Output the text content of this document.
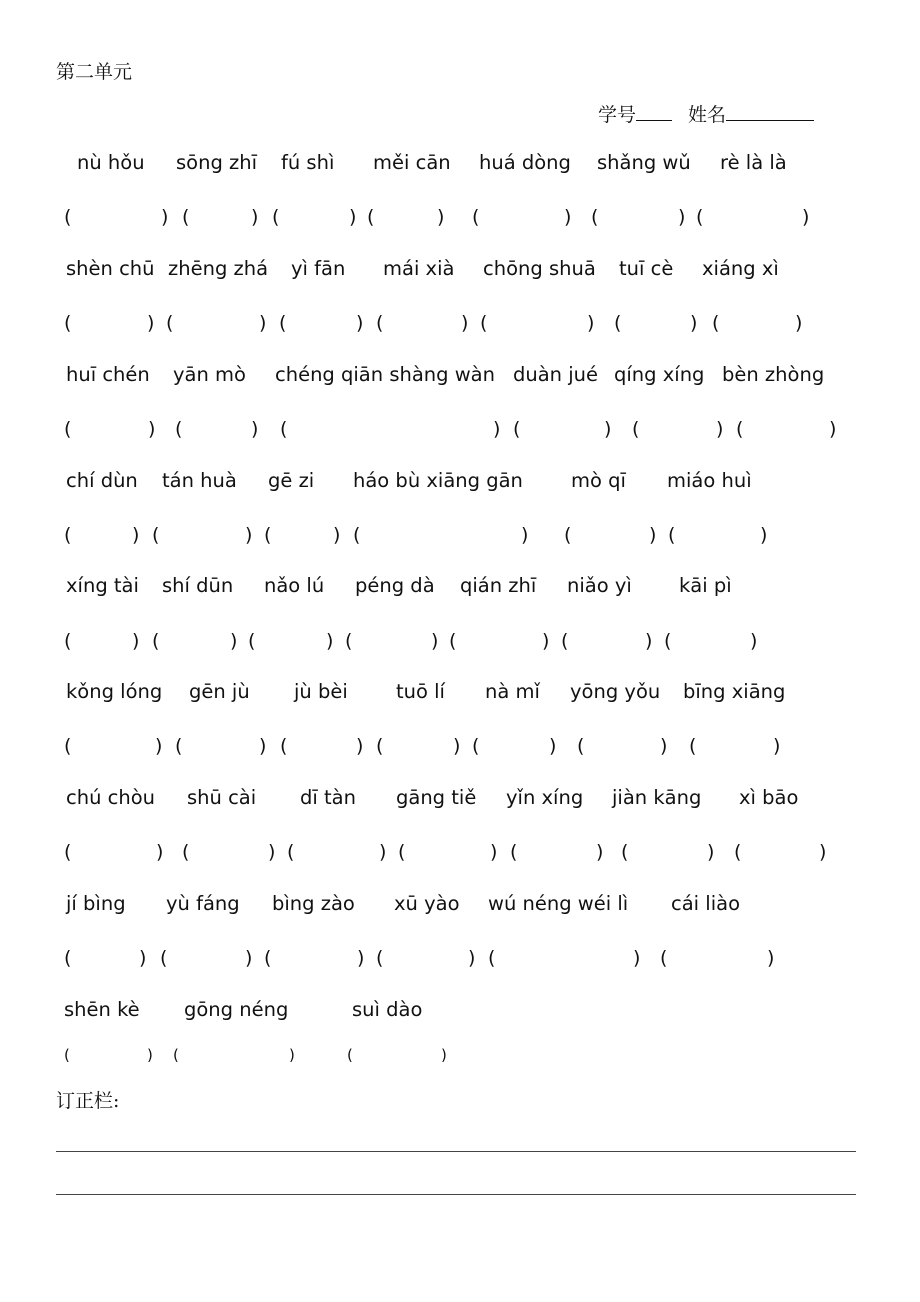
第二单元
学号	姓名
nù hǒu sōng zhī fú shì měi cān huá dòng shǎng wǔ rè là là
(	) (	) (	) (	) (	) (	) (	)
shèn chū zhēng zhá yì fān mái xià chōng shuā tuī cè xiáng xì
(	) (	) (	) (	) (	) (	) (	)
huī chén yān mò chéng qiān shàng wàn duàn jué qíng xíng bèn zhòng
(	) (	) (	) (	) (	) (	)
chí dùn tán huà gē zi háo bù xiāng gān mò qī miáo huì
(	) (	) (	) (	) (	) (	)
xíng tài shí dūn nǎo lú péng dà qián zhī niǎo yì kāi pì
(	) (	) (	) (	) (	) (	) (	)
kǒng lóng gēn jù jù bèi tuō lí nà mǐ yōng yǒu bīng xiāng
(	) (	) (	) (	) (	) (	) (	)
chú chòu shū cài dī tàn gāng tiě yǐn xíng jiàn kāng xì bāo
(	) (	) (	) (	) (	) (	) (	)
jí bìng yù fáng bìng zào xū yào wú néng wéi lì cái liào
(	) (	) (	) (	) (	) (	)
shēn kè gōng néng	suì dào
(	) (	)	(	)
订正栏:
